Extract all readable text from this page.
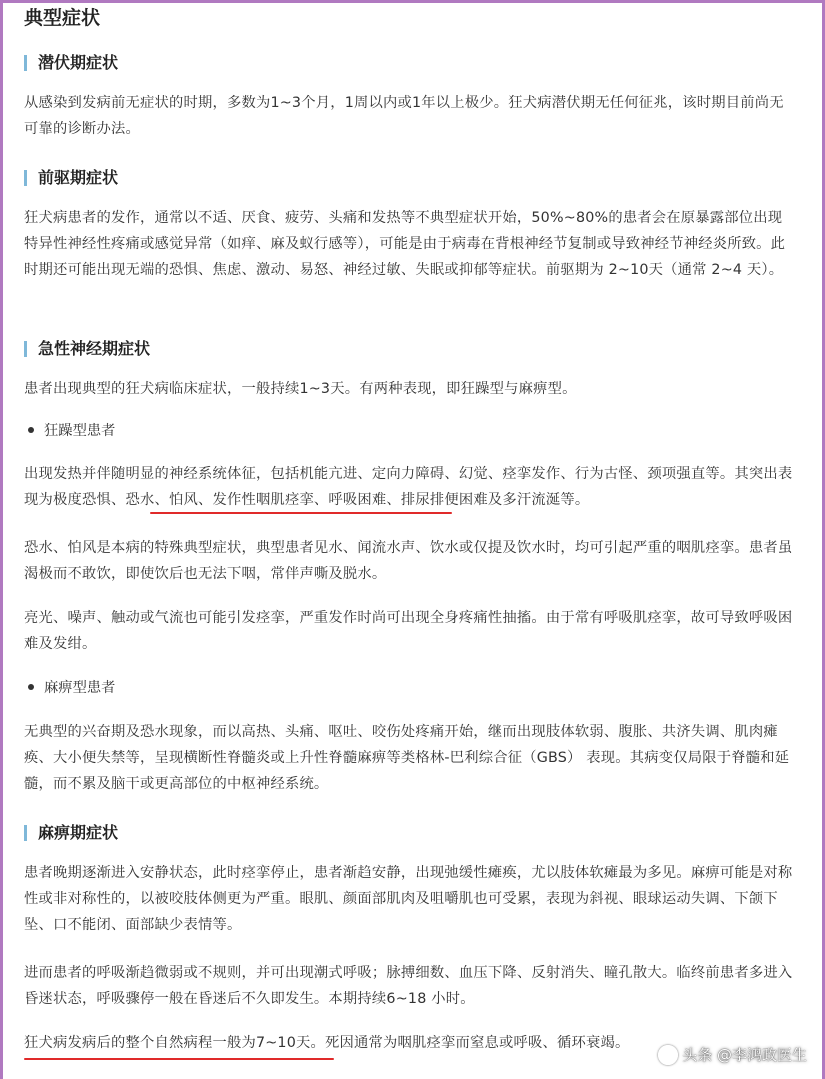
典型症状
潜伏期症状
从感染到发病前无症状的时期，多数为1~3个月，1周以内或1年以上极少。狂犬病潜伏期无任何征兆，该时期目前尚无可靠的诊断办法。
前驱期症状
狂犬病患者的发作，通常以不适、厌食、疲劳、头痛和发热等不典型症状开始，50%~80%的患者会在原暴露部位出现特异性神经性疼痛或感觉异常（如痒、麻及蚁行感等），可能是由于病毒在背根神经节复制或导致神经节神经炎所致。此时期还可能出现无端的恐惧、焦虑、激动、易怒、神经过敏、失眠或抑郁等症状。前驱期为 2~10天（通常 2~4 天）。
急性神经期症状
患者出现典型的狂犬病临床症状，一般持续1~3天。有两种表现，即狂躁型与麻痹型。
狂躁型患者
出现发热并伴随明显的神经系统体征，包括机能亢进、定向力障碍、幻觉、痉挛发作、行为古怪、颈项强直等。其突出表现为极度恐惧、恐水、怕风、发作性咽肌痉挛、呼吸困难、排尿排便困难及多汗流涎等。
恐水、怕风是本病的特殊典型症状，典型患者见水、闻流水声、饮水或仅提及饮水时，均可引起严重的咽肌痉挛。患者虽渴极而不敢饮，即使饮后也无法下咽，常伴声嘶及脱水。
亮光、噪声、触动或气流也可能引发痉挛，严重发作时尚可出现全身疼痛性抽搐。由于常有呼吸肌痉挛，故可导致呼吸困难及发绀。
麻痹型患者
无典型的兴奋期及恐水现象，而以高热、头痛、呕吐、咬伤处疼痛开始，继而出现肢体软弱、腹胀、共济失调、肌肉瘫痪、大小便失禁等，呈现横断性脊髓炎或上升性脊髓麻痹等类格林-巴利综合征（GBS） 表现。其病变仅局限于脊髓和延髓，而不累及脑干或更高部位的中枢神经系统。
麻痹期症状
患者晚期逐渐进入安静状态，此时痉挛停止，患者渐趋安静，出现弛缓性瘫痪，尤以肢体软瘫最为多见。麻痹可能是对称性或非对称性的，以被咬肢体侧更为严重。眼肌、颜面部肌肉及咀嚼肌也可受累，表现为斜视、眼球运动失调、下颌下坠、口不能闭、面部缺少表情等。
进而患者的呼吸渐趋微弱或不规则，并可出现潮式呼吸；脉搏细数、血压下降、反射消失、瞳孔散大。临终前患者多进入昏迷状态，呼吸骤停一般在昏迷后不久即发生。本期持续6~18 小时。
狂犬病发病后的整个自然病程一般为7~10天。死因通常为咽肌痉挛而窒息或呼吸、循环衰竭。
头条 @李鸿政医生
